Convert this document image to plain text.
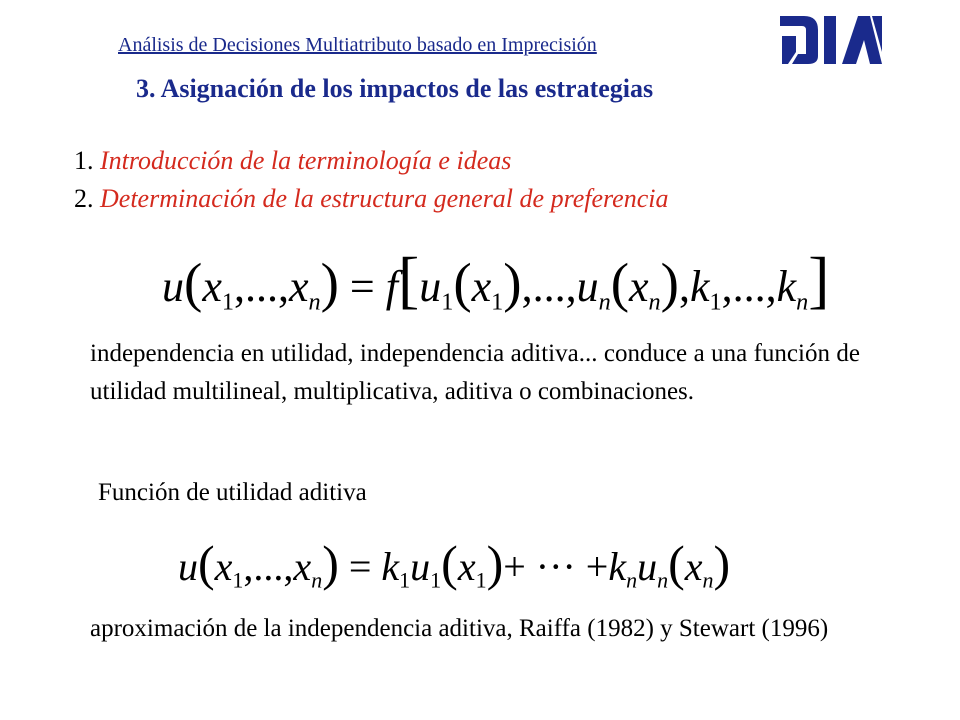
Análisis de Decisiones Multiatributo basado en Imprecisión
3. Asignación de los impactos de las estrategias
1. Introducción de la terminología e ideas
2. Determinación de la estructura general de preferencia
$u(x_1,...,x_n) = f[u_1(x_1),...,u_n(x_n),k_1,...,k_n]$
independencia en utilidad, independencia aditiva... conduce a una función de utilidad multilineal, multiplicativa, aditiva o combinaciones.
Función de utilidad aditiva
$u(x_1,...,x_n) = k_1u_1(x_1)+$ ··· $+k_nu_n(x_n)$
aproximación de la independencia aditiva, Raiffa (1982) y Stewart (1996)
